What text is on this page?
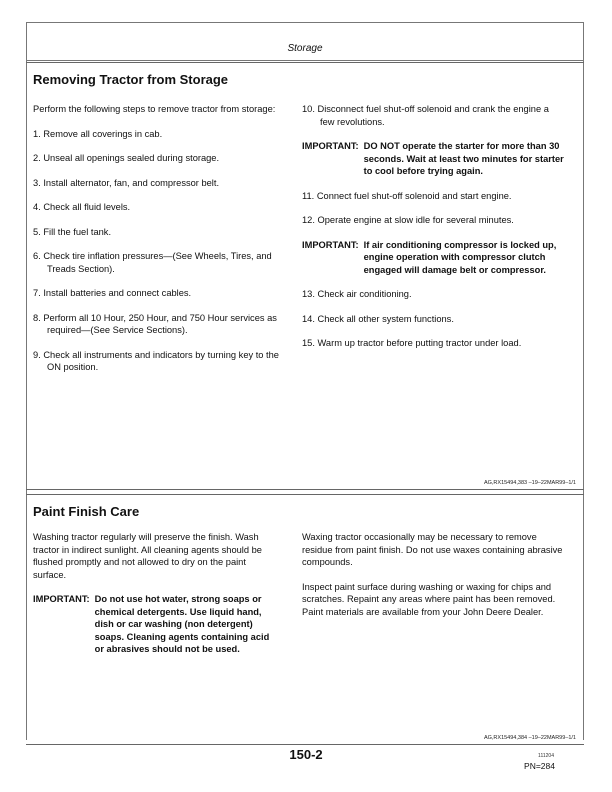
Storage
Removing Tractor from Storage

Perform the following steps to remove tractor from storage:

1. Remove all coverings in cab.

2. Unseal all openings sealed during storage.

3. Install alternator, fan, and compressor belt.

4. Check all fluid levels.

5. Fill the fuel tank.

6. Check tire inflation pressures—(See Wheels, Tires, and Treads Section).

7. Install batteries and connect cables.

8. Perform all 10 Hour, 250 Hour, and 750 Hour services as required—(See Service Sections).

9. Check all instruments and indicators by turning key to the ON position.

10. Disconnect fuel shut-off solenoid and crank the engine a few revolutions.

IMPORTANT: DO NOT operate the starter for more than 30 seconds. Wait at least two minutes for starter to cool before trying again.

11. Connect fuel shut-off solenoid and start engine.

12. Operate engine at slow idle for several minutes.

IMPORTANT: If air conditioning compressor is locked up, engine operation with compressor clutch engaged will damage belt or compressor.

13. Check air conditioning.

14. Check all other system functions.

15. Warm up tractor before putting tractor under load.

AG,RX15494,383 –19–22MAR99–1/1
Paint Finish Care

Washing tractor regularly will preserve the finish. Wash tractor in indirect sunlight. All cleaning agents should be flushed promptly and not allowed to dry on the paint surface.

IMPORTANT: Do not use hot water, strong soaps or chemical detergents. Use liquid hand, dish or car washing (non detergent) soaps. Cleaning agents containing acid or abrasives should not be used.

Waxing tractor occasionally may be necessary to remove residue from paint finish. Do not use waxes containing abrasive compounds.

Inspect paint surface during washing or waxing for chips and scratches. Repaint any areas where paint has been removed. Paint materials are available from your John Deere Dealer.

AG,RX15494,384 –19–22MAR99–1/1
150-2	111204
PN=284
